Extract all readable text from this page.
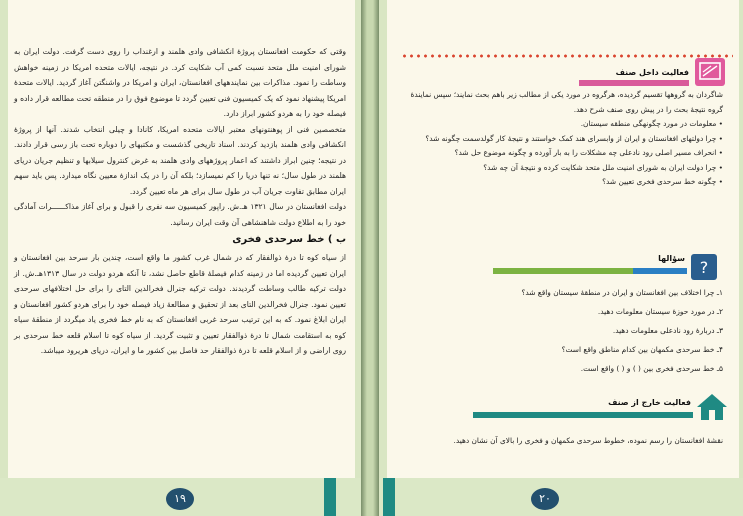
وقتی که حکومت افغانستان پروژهٔ انکشافی وادی هلمند و ارغنداب را روی دست گرفت. دولت ایران به شورای امنیت ملل متحد نسبت کمی آب شکایت کرد. در نتیجه، ایالات متحده امریکا در زمینه خواهش وساطت را نمود. مذاکرات بین نمایندههای افغانستان، ایران و امریکا در واشنگتن آغاز گردید. ایالات متحدهٔ امریکا پیشنهاد نمود که یک کمیسیون فنی تعیین گردد تا موضوع فوق را در منطقه تحت مطالعه قرار داده و فیصله خود را به هردو کشور ابراز دارد.

متخصصین فنی از پوهنتونهای معتبر ایالات متحده امریکا، کانادا و چیلی انتخاب شدند. آنها از پروژهٔ انکشافی وادی هلمند بازدید کردند. اسناد تاریخی گذشست و مکتبهای را دوباره تحت باز رسی قرار دادند. در نتیجه؛ چنین ابراز داشتند که اعمار پروژههای وادی هلمند به غرض کنترول سیلابها و تنظیم جریان دریای هلمند در طول سال؛ نه تنها دریا را کم نمیسازد؛ بلکه آن را در یک اندازهٔ معیین نگاه میدارد. پس باید سهم ایران مطابق تفاوت جریان آب در طول سال برای هر ماه تعیین گردد.

دولت افغانستان در سال ۱۳۲۱ هـ.ش. راپور کمیسیون سه نفری را قبول و برای آغاز مذاکــــــرات آمادگی خود را به اطلاع دولت شاهنشاهی آن وقت ایران رسانید.

ب ) خط سرحدی فخری

از سیاه کوه تا درهٔ ذوالفقار که در شمال غرب کشور ما واقع است، چندین بار سرحد بین افغانستان و ایران تعیین گردیده اما در زمینه کدام فیصلهٔ قاطع حاصل نشد، تا آنکه هردو دولت در سال ۱۳۱۳هـ.ش. از دولت ترکیه طالب وساطت گردیدند. دولت ترکیه جنرال فخرالدین التای را برای حل اختلافهای سرحدی تعیین نمود. جنرال فخرالدین التای بعد از تحقیق و مطالعهٔ زیاد فیصله خود را برای هردو کشور افغانستان و ایران ابلاغ نمود. که به این ترتیب سرحد غربی افغانستان که به نام خط فخری یاد میگردد از منطقهٔ سیاه کوه به استقامت شمال تا درهٔ ذوالفقار تعیین و تثبیت گردید. از سیاه کوه تا اسلام قلعه خط سرحدی بر روی اراضی و از اسلام قلعه تا درهٔ ذوالفقار حد فاصل بین کشور ما و ایران، دریای هریرود میباشد.

۱۹
فعالیت داخل صنف

شاگردان به گروهها تقسیم گردیده، هرگروه در مورد یکی از مطالب زیر باهم بحث نمایند؛ سپس نمایندهٔ گروه نتیجهٔ بحث را در پیش روی صنف شرح دهد.

• معلومات در مورد چگونهگی منطقه سیستان.

• چرا دولتهای افغانستان و ایران از وابسرای هند کمک خواستند و نتیجهٔ کار گولدسمت چگونه شد؟

• انحراف مسیر اصلی رود نادعلی چه مشکلات را به بار آورده و چگونه موضوع حل شد؟

• چرا دولت ایران به شورای امنیت ملل متحد شکایت کرده و نتیجهٔ آن چه شد؟

• چگونه خط سرحدی فخری تعیین شد؟

?
سؤالها

۱ـ چرا اختلاف بین افغانستان و ایران در منطقهٔ سیستان واقع شد؟

۲ـ در مورد حوزهٔ سیستان معلومات دهید.

۳ـ دربارهٔ رود نادعلی معلومات دهید.

۴ـ خط سرحدی مکمهان بین کدام مناطق واقع است؟

۵ـ خط سرحدی فخری بین ( ) و ( ) واقع است.

فعالیت خارج از صنف
نقشهٔ افغانستان را رسم نموده، خطوط سرحدی مکمهان و فخری را بالای آن نشان دهید.
۲۰
